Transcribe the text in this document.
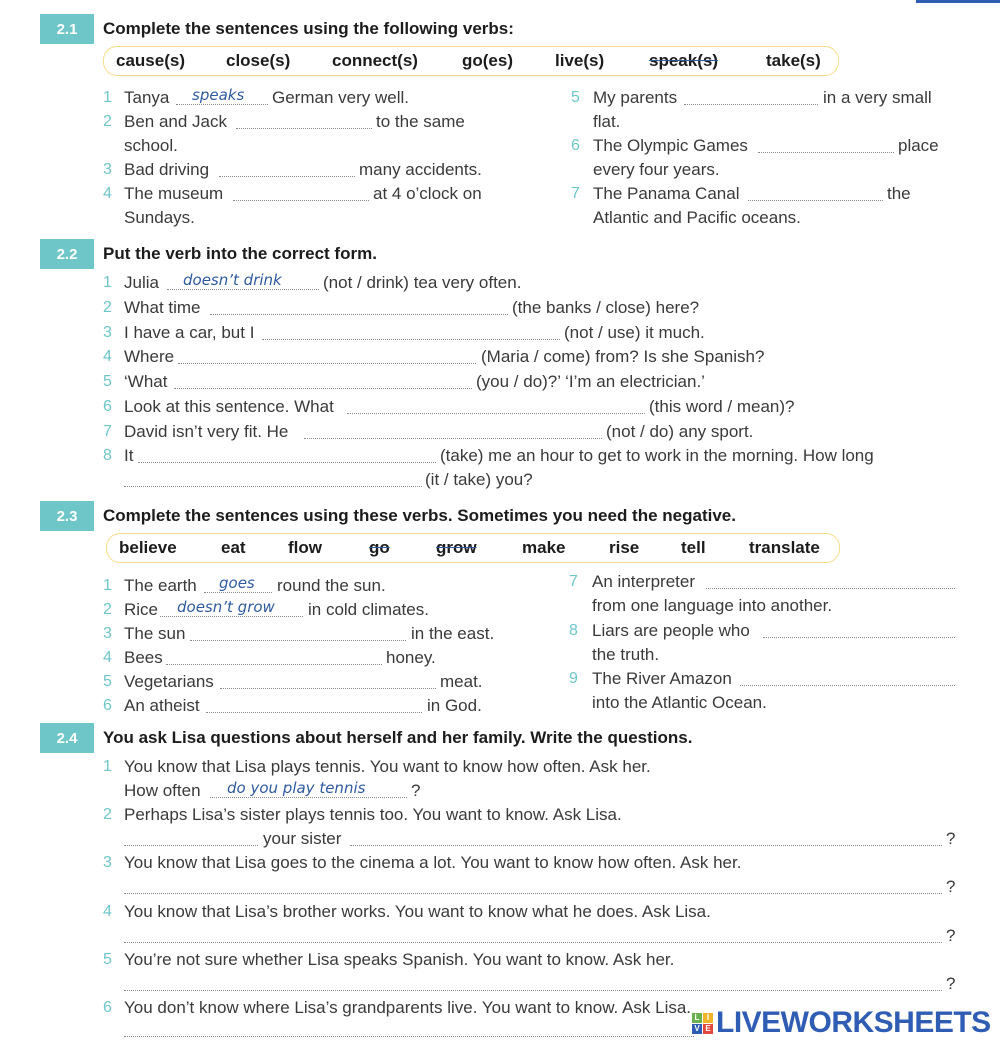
2.1	Complete the sentences using the following verbs:
cause(s) close(s) connect(s)	go(es) live(s)	speak(s)	take(s)
1 Tanya speaks German very well.
2 Ben and Jack	to the same
school.
3 Bad driving	many accidents.
4 The museum	at 4 o’clock on
Sundays.
5 My parents	in a very small
flat.
6 The Olympic Games	place
every four years.
7 The Panama Canal	the
Atlantic and Pacific oceans.
2.2	Put the verb into the correct form.
1 Julia doesn’t drink (not / drink) tea very often.
2 What time	(the banks / close) here?
3 I have a car, but I	(not / use) it much.
4 Where	(Maria / come) from? Is she Spanish?
5 ‘What	(you / do)?’ ‘I’m an electrician.’
6 Look at this sentence. What	(this word / mean)?
7 David isn’t very fit. He	(not / do) any sport.
8 It	(take) me an hour to get to work in the morning. How long
(it / take) you?
2.3	Complete the sentences using these verbs. Sometimes you need the negative.
believe	eat flow	go	grow	make	rise tell	translate
1 The earth goes round the sun.
2 Rice doesn’t grow in cold climates.
3 The sun	in the east.
4 Bees	honey.
5 Vegetarians	meat.
6 An atheist	in God.
7 An interpreter
from one language into another.
8 Liars are people who
the truth.
9 The River Amazon
into the Atlantic Ocean.
2.4	You ask Lisa questions about herself and her family. Write the questions.
1 You know that Lisa plays tennis. You want to know how often. Ask her.
How often do you play tennis	?
2 Perhaps Lisa’s sister plays tennis too. You want to know. Ask Lisa.
your sister	?
3 You know that Lisa goes to the cinema a lot. You want to know how often. Ask her.
?
4 You know that Lisa’s brother works. You want to know what he does. Ask Lisa.
?
5 You’re not sure whether Lisa speaks Spanish. You want to know. Ask her.
?
6 You don’t know where Lisa’s grandparents live. You want to know. Ask Lisa.
L I
V E LIVEWORKSHEETS
